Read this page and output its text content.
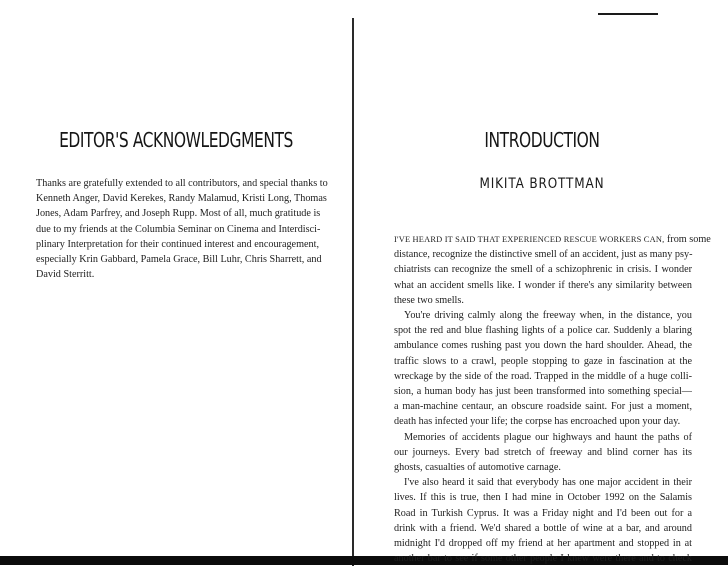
EDITOR'S ACKNOWLEDGMENTS
Thanks are gratefully extended to all contributors, and special thanks to
Kenneth Anger, David Kerekes, Randy Malamud, Kristi Long, Thomas
Jones, Adam Parfrey, and Joseph Rupp. Most of all, much gratitude is
due to my friends at the Columbia Seminar on Cinema and Interdisci-
plinary Interpretation for their continued interest and encouragement,
especially Krin Gabbard, Pamela Grace, Bill Luhr, Chris Sharrett, and
David Sterritt.
INTRODUCTION
MIKITA BROTTMAN
I'VE HEARD IT SAID THAT EXPERIENCED RESCUE WORKERS CAN, from some
distance, recognize the distinctive smell of an accident, just as many psy-
chiatrists can recognize the smell of a schizophrenic in crisis. I wonder
what an accident smells like. I wonder if there's any similarity between
these two smells.
You're driving calmly along the freeway when, in the distance, you
spot the red and blue flashing lights of a police car. Suddenly a blaring
ambulance comes rushing past you down the hard shoulder. Ahead, the
traffic slows to a crawl, people stopping to gaze in fascination at the
wreckage by the side of the road. Trapped in the middle of a huge colli-
sion, a human body has just been transformed into something special—
a man-machine centaur, an obscure roadside saint. For just a moment,
death has infected your life; the corpse has encroached upon your day.
Memories of accidents plague our highways and haunt the paths of
our journeys. Every bad stretch of freeway and blind corner has its
ghosts, casualties of automotive carnage.
I've also heard it said that everybody has one major accident in their
lives. If this is true, then I had mine in October 1992 on the Salamis
Road in Turkish Cyprus. It was a Friday night and I'd been out for a
drink with a friend. We'd shared a bottle of wine at a bar, and around
midnight I'd dropped off my friend at her apartment and stopped in at
another bar to see if some other people I knew were there and to check
